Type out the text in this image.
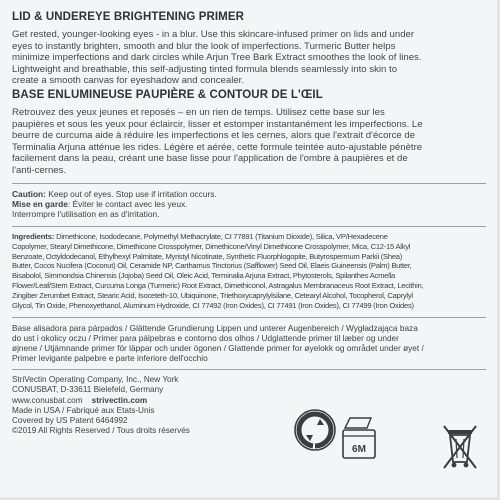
LID & UNDEREYE BRIGHTENING PRIMER

Get rested, younger-looking eyes - in a blur. Use this skincare-infused primer on lids and under eyes to instantly brighten, smooth and blur the look of imperfections. Turmeric Butter helps minimize imperfections and dark circles while Arjun Tree Bark Extract smoothes the look of lines. Lightweight and breathable, this self-adjusting tinted formula blends seamlessly into skin to create a smooth canvas for eyeshadow and concealer.

BASE ENLUMINEUSE PAUPIÈRE & CONTOUR DE L'ŒIL

Retrouvez des yeux jeunes et reposés – en un rien de temps. Utilisez cette base sur les paupières et sous les yeux pour éclaircir, lisser et estomper instantanément les imperfections. Le beurre de curcuma aide à réduire les imperfections et les cernes, alors que l'extrait d'écorce de Terminalia Arjuna atténue les rides. Légère et aérée, cette formule teintée auto-ajustable pénètre facilement dans la peau, créant une base lisse pour l'application de l'ombre à paupières et de l'anti-cernes.

Caution: Keep out of eyes. Stop use if irritation occurs.
Mise en garde: Éviter le contact avec les yeux.
Interrompre l'utilisation en as d'irritation.
Ingredients: Dimethicone, Isododecane, Polymethyl Methacrylate, CI 77891 (Titanium Dioxide), Silica, VP/Hexadecene Copolymer, Stearyl Dimethicone, Dimethicone Crosspolymer, Dimethicone/Vinyl Dimethicone Crosspolymer, Mica, C12-15 Alkyl Benzoate, Octyldodecanol, Ethylhexyl Palmitate, Myristyl Nicotinate, Synthetic Fluorphlogopite, Butyrospermum Parkii (Shea) Butter, Cocos Nucifera (Coconut) Oil, Ceramide NP, Carthamus Tinctorius (Safflower) Seed Oil, Elaeis Guineensis (Palm) Butter, Bisabolol, Simmondsia Chinensis (Jojoba) Seed Oil, Oleic Acid, Terminalia Arjuna Extract, Phytosterols, Spilanthes Acmella Flower/Leaf/Stem Extract, Curcuma Longa (Turmeric) Root Extract, Dimethiconol, Astragalus Membranaceus Root Extract, Lecithin, Zingiber Zerumbet Extract, Stearic Acid, Isoceteth-10, Ubiquinone, Triethoxycaprylylsilane, Cetearyl Alcohol, Tocopherol, Caprylyl Glycol, Tin Oxide, Phenoxyethanol, Aluminum Hydroxide, CI 77492 (Iron Oxides), CI 77491 (Iron Oxides), CI 77499 (Iron Oxides)
Base alisadora para párpados / Glättende Grundierung Lippen und unterer Augenbereich / Wygładzająca baza do ust i okolicy oczu / Primer para pálpebras e contorno dos olhos / Udglattende primer til læber og under øjnene / Utjämnande primer för läppar och under ögonen / Glattende primer for øyelokk og området under øyet / Primer levigante palpebre e parte inferiore dell'occhio
StriVectin Operating Company, Inc., New York
CONUSBAT, D-33611 Bielefeld, Germany
www.conusbat.com strivectin.com
Made in USA / Fabriqué aux Etats-Unis
Covered by US Patent 6464992
©2019 All Rights Reserved / Tous droits réservés
6M
